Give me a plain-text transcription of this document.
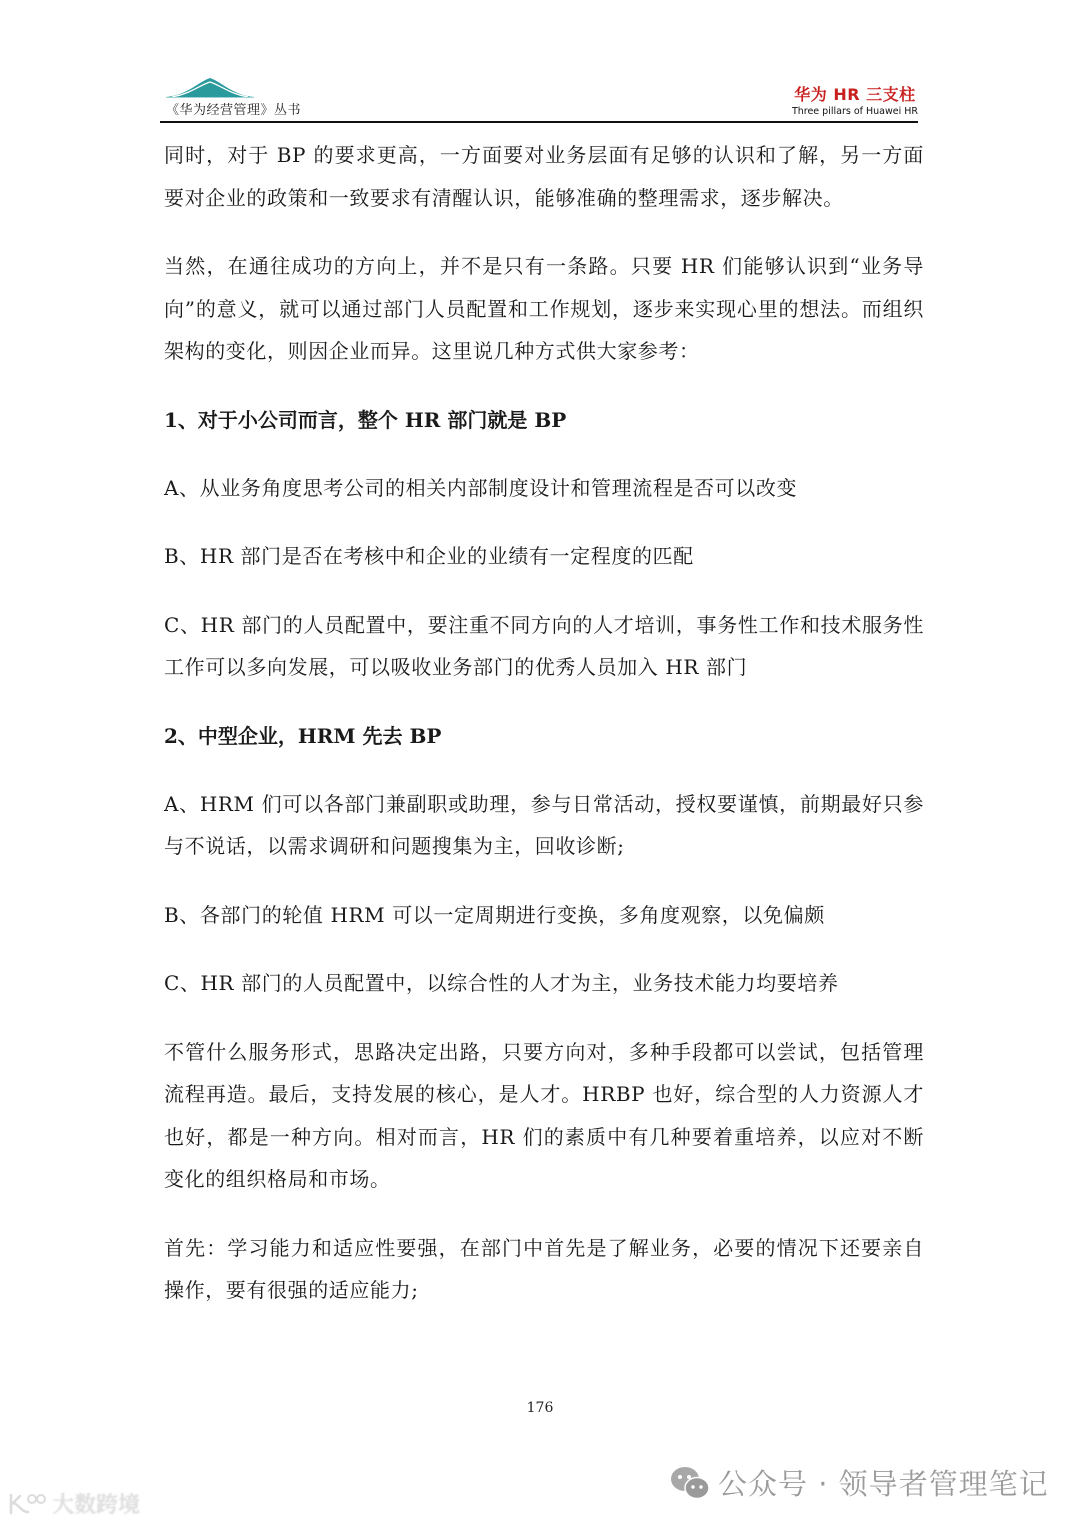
《华为经营管理》丛书
华为 HR 三支柱
Three pillars of Huawei HR

同时，对于 BP 的要求更高，一方面要对业务层面有足够的认识和了解，另一方面要对企业的政策和一致要求有清醒认识，能够准确的整理需求，逐步解决。

当然，在通往成功的方向上，并不是只有一条路。只要 HR 们能够认识到“业务导向”的意义，就可以通过部门人员配置和工作规划，逐步来实现心里的想法。而组织架构的变化，则因企业而异。这里说几种方式供大家参考：

1、对于小公司而言，整个 HR 部门就是 BP

A、从业务角度思考公司的相关内部制度设计和管理流程是否可以改变

B、HR 部门是否在考核中和企业的业绩有一定程度的匹配

C、HR 部门的人员配置中，要注重不同方向的人才培训，事务性工作和技术服务性工作可以多向发展，可以吸收业务部门的优秀人员加入 HR 部门

2、中型企业，HRM 先去 BP

A、HRM 们可以各部门兼副职或助理，参与日常活动，授权要谨慎，前期最好只参与不说话，以需求调研和问题搜集为主，回收诊断;

B、各部门的轮值 HRM 可以一定周期进行变换，多角度观察，以免偏颇

C、HR 部门的人员配置中，以综合性的人才为主，业务技术能力均要培养

不管什么服务形式，思路决定出路，只要方向对，多种手段都可以尝试，包括管理流程再造。最后，支持发展的核心，是人才。HRBP 也好，综合型的人力资源人才也好，都是一种方向。相对而言，HR 们的素质中有几种要着重培养，以应对不断变化的组织格局和市场。

首先：学习能力和适应性要强，在部门中首先是了解业务，必要的情况下还要亲自操作，要有很强的适应能力;

176
公众号 · 领导者管理笔记
大数跨境
